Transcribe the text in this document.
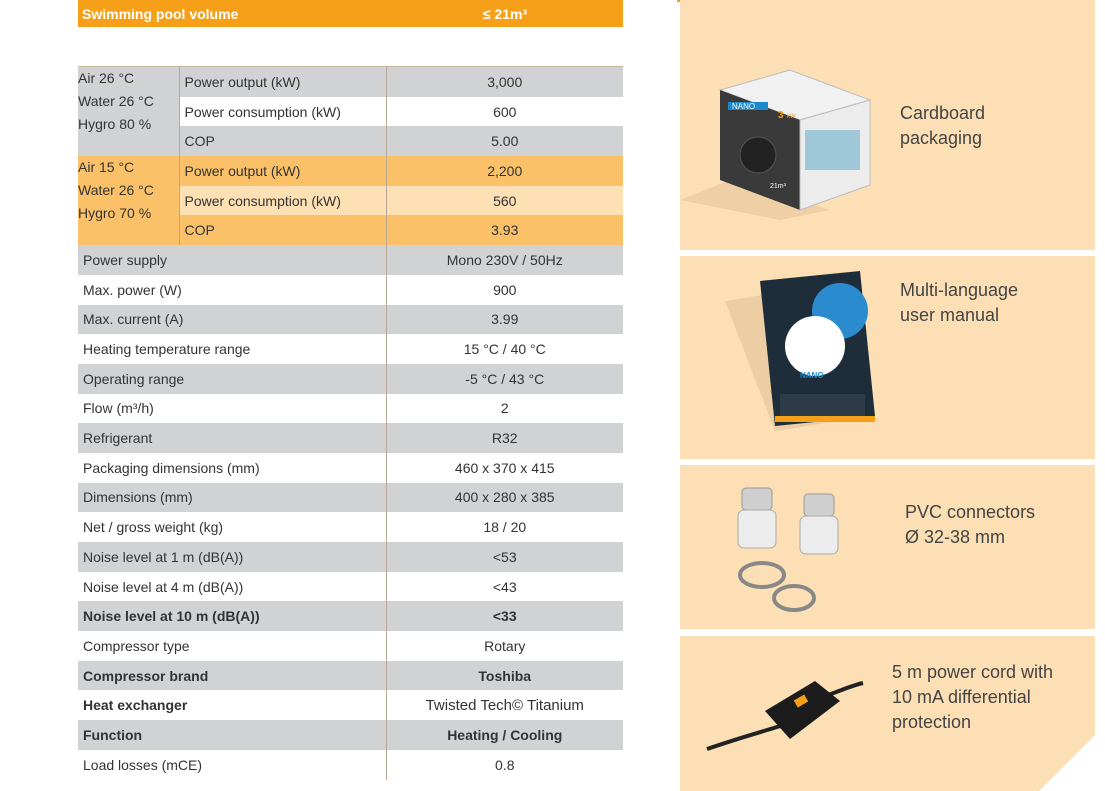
Swimming pool volume	≤ 21m³
Air 26 °C
Water 26 °C
Hygro 80 %	Power output (kW)	3,000
	Power consumption (kW)	600
	COP	5.00

Air 15 °C
Water 26 °C
Hygro 70 %	Power output (kW)	2,200
	Power consumption (kW)	560
	COP	3.93
Power supply		Mono 230V / 50Hz
Max. power (W)		900
Max. current (A)		3.99
Heating temperature range		15 °C / 40 °C
Operating range		-5 °C / 43 °C
Flow (m³/h)		2
Refrigerant		R32
Packaging dimensions (mm)		460 x 370 x 415
Dimensions (mm)		400 x 280 x 385
Net / gross weight (kg)		18 / 20
Noise level at 1 m (dB(A))		<53
Noise level at 4 m (dB(A))		<43
Noise level at 10 m (dB(A))		<33
Compressor type		Rotary
Compressor brand		Toshiba
Heat exchanger		Twisted Tech© Titanium
Function		Heating / Cooling
Load losses (mCE)		0.8
NANO
3 kW
21m³
Cardboard
packaging
NANO
Multi-language
user manual
PVC connectors
Ø 32-38 mm
5 m power cord with
10 mA differential
protection
